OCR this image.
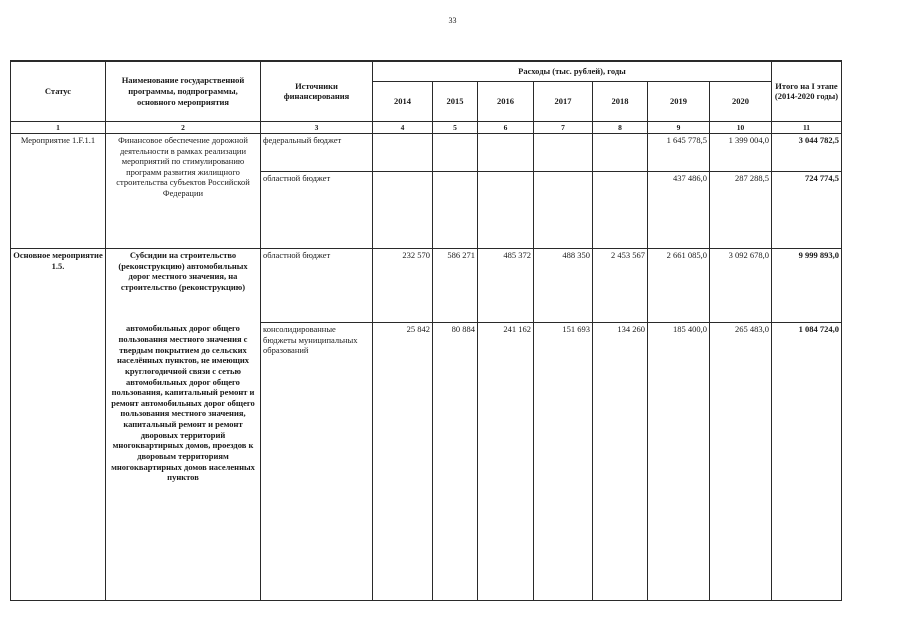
33
Статус	Наименование государственной программы, подпрограммы, основного мероприятия	Источники финансирования	Расходы (тыс. рублей), годы							Итого на I этапе (2014-2020 годы)
			2014	2015	2016	2017	2018	2019	2020	
1	2	3	4	5	6	7	8	9	10	11
Мероприятие 1.F.1.1	Финансовое обеспечение дорожной деятельности в рамках реализации мероприятий по стимулированию программ развития жилищного строительства субъектов Российской Федерации	федеральный бюджет						1 645 778,5	1 399 004,0	3 044 782,5
		областной бюджет						437 486,0	287 288,5	724 774,5
Основное мероприятие 1.5.	Субсидии на строительство (реконструкцию) автомобильных дорог местного значения, на строительство (реконструкцию)	областной бюджет	232 570	586 271	485 372	488 350	2 453 567	2 661 085,0	3 092 678,0	9 999 893,0
	автомобильных дорог общего пользования местного значения с твердым покрытием до сельских населённых пунктов, не имеющих круглогодичной связи с сетью автомобильных дорог общего пользования, капитальный ремонт и ремонт автомобильных дорог общего пользования местного значения, капитальный ремонт и ремонт дворовых территорий многоквартирных домов, проездов к дворовым территориям многоквартирных домов населенных пунктов	консолидированные бюджеты муниципальных образований	25 842	80 884	241 162	151 693	134 260	185 400,0	265 483,0	1 084 724,0
